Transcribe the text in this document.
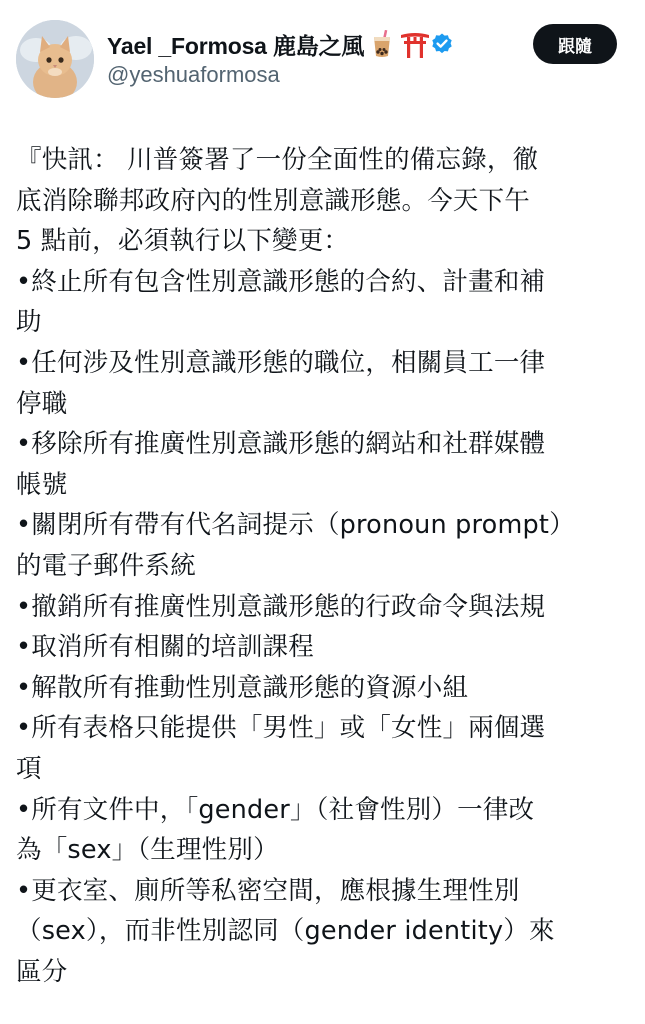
Yael _Formosa 鹿島之風
@yeshuaformosa
跟隨
『快訊： 川普簽署了一份全面性的備忘錄，徹
底消除聯邦政府內的性別意識形態。今天下午
5 點前，必須執行以下變更：
•終止所有包含性別意識形態的合約、計畫和補
助
•任何涉及性別意識形態的職位，相關員工一律
停職
•移除所有推廣性別意識形態的網站和社群媒體
帳號
•關閉所有帶有代名詞提示（pronoun prompt）
的電子郵件系統
•撤銷所有推廣性別意識形態的行政命令與法規
•取消所有相關的培訓課程
•解散所有推動性別意識形態的資源小組
•所有表格只能提供「男性」或「女性」兩個選
項
•所有文件中，「gender」（社會性別）一律改
為「sex」（生理性別）
•更衣室、廁所等私密空間，應根據生理性別
（sex），而非性別認同（gender identity）來
區分
